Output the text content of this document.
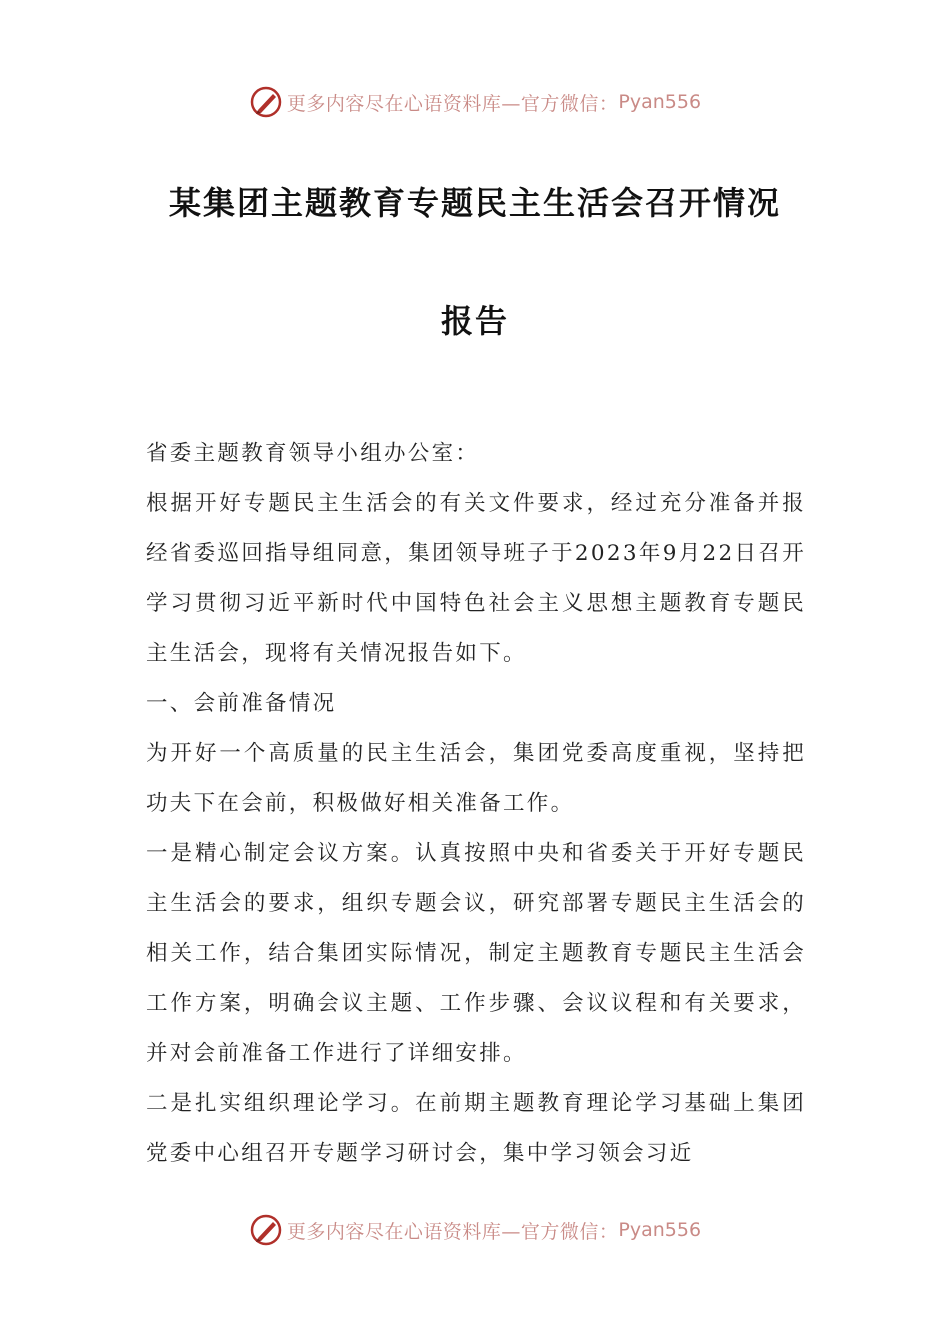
更多内容尽在心语资料库—官方微信： Pyan556
某集团主题教育专题民主生活会召开情况
报告

省委主题教育领导小组办公室：

根据开好专题民主生活会的有关文件要求，经过充分准备并报经省委巡回指导组同意，集团领导班子于2023年9月22日召开学习贯彻习近平新时代中国特色社会主义思想主题教育专题民主生活会，现将有关情况报告如下。

一、会前准备情况

为开好一个高质量的民主生活会，集团党委高度重视，坚持把功夫下在会前，积极做好相关准备工作。

一是精心制定会议方案。认真按照中央和省委关于开好专题民主生活会的要求，组织专题会议，研究部署专题民主生活会的相关工作，结合集团实际情况，制定主题教育专题民主生活会工作方案，明确会议主题、工作步骤、会议议程和有关要求，并对会前准备工作进行了详细安排。

二是扎实组织理论学习。在前期主题教育理论学习基础上集团党委中心组召开专题学习研讨会，集中学习领会习近

更多内容尽在心语资料库—官方微信： Pyan556
